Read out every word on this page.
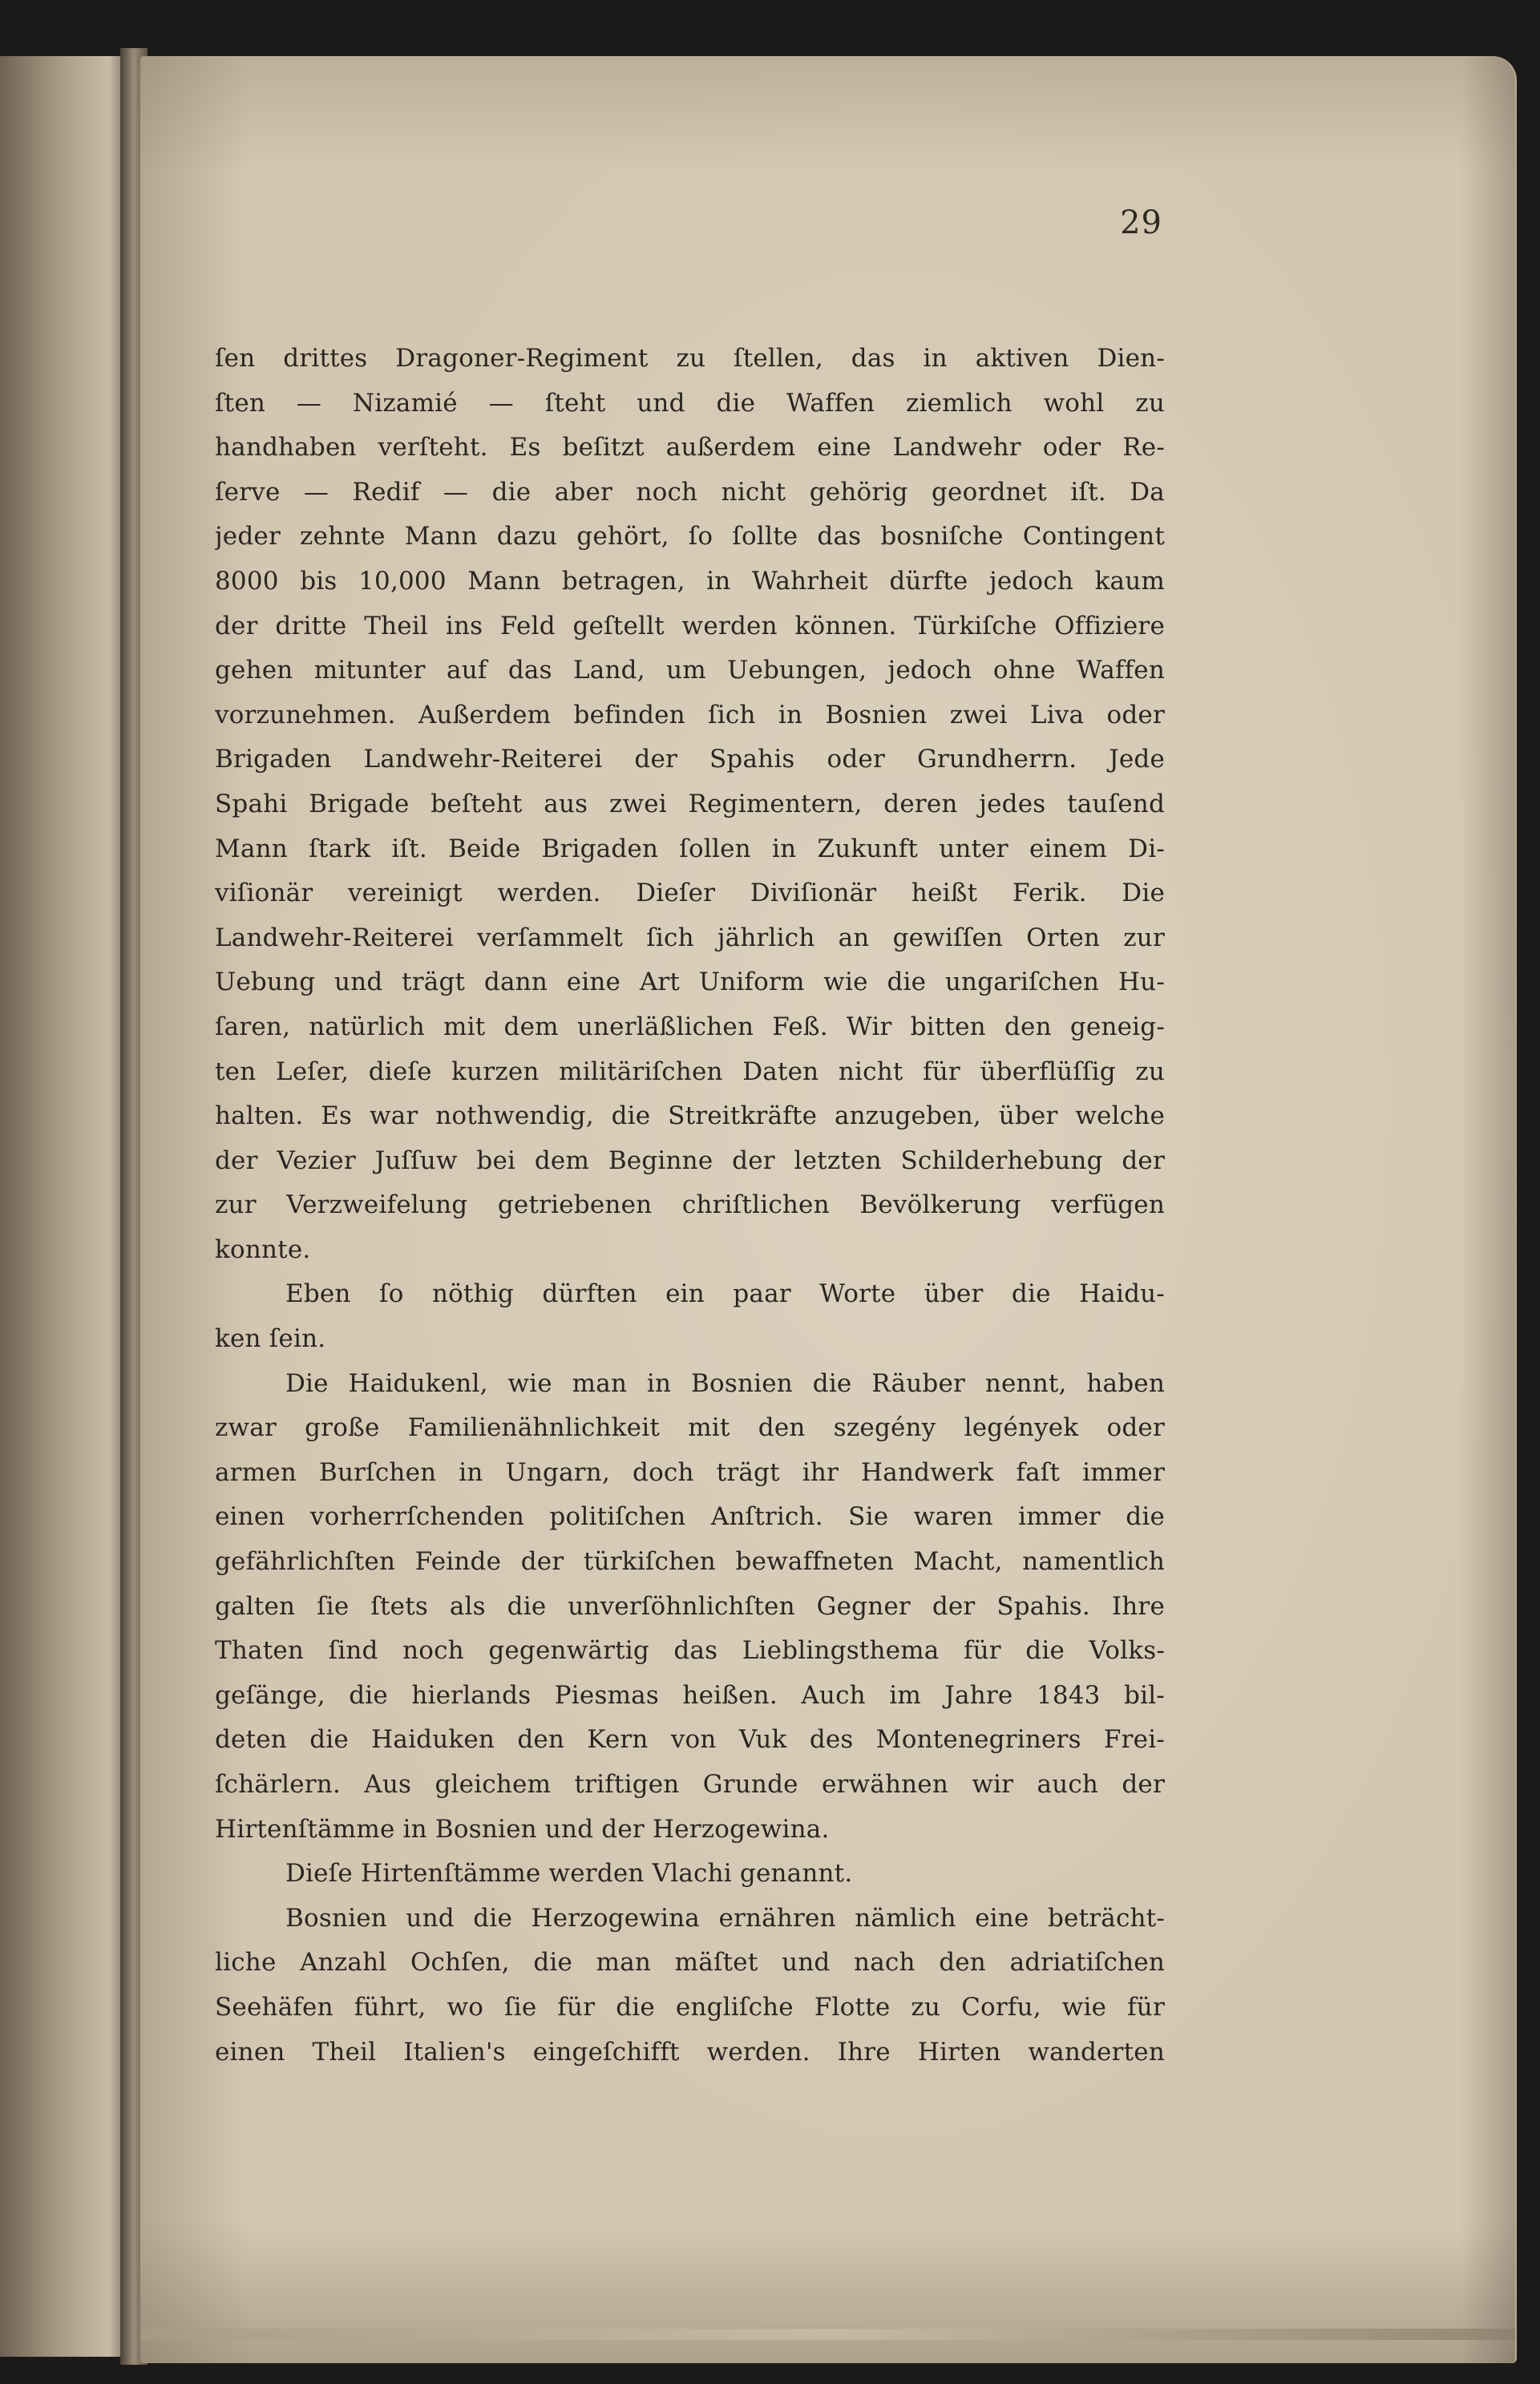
29
ſen drittes Dragoner-Regiment zu ſtellen, das in aktiven Dien-
ſten — Nizamié — ſteht und die Waffen ziemlich wohl zu
handhaben verſteht. Es beſitzt außerdem eine Landwehr oder Re-
ſerve — Redif — die aber noch nicht gehörig geordnet iſt. Da
jeder zehnte Mann dazu gehört, ſo ſollte das bosniſche Contingent
8000 bis 10,000 Mann betragen, in Wahrheit dürfte jedoch kaum
der dritte Theil ins Feld geſtellt werden können. Türkiſche Offiziere
gehen mitunter auf das Land, um Uebungen, jedoch ohne Waffen
vorzunehmen. Außerdem befinden ſich in Bosnien zwei Liva oder
Brigaden Landwehr-Reiterei der Spahis oder Grundherrn. Jede
Spahi Brigade beſteht aus zwei Regimentern, deren jedes tauſend
Mann ſtark iſt. Beide Brigaden ſollen in Zukunft unter einem Di-
viſionär vereinigt werden. Dieſer Diviſionär heißt Ferik. Die
Landwehr-Reiterei verſammelt ſich jährlich an gewiſſen Orten zur
Uebung und trägt dann eine Art Uniform wie die ungariſchen Hu-
ſaren, natürlich mit dem unerläßlichen Feß. Wir bitten den geneig-
ten Leſer, dieſe kurzen militäriſchen Daten nicht für überflüſſig zu
halten. Es war nothwendig, die Streitkräfte anzugeben, über welche
der Vezier Juſſuw bei dem Beginne der letzten Schilderhebung der
zur Verzweifelung getriebenen chriſtlichen Bevölkerung verfügen
konnte.
Eben ſo nöthig dürften ein paar Worte über die Haidu-
ken ſein.
Die Haidukenl, wie man in Bosnien die Räuber nennt, haben
zwar große Familienähnlichkeit mit den szegény legények oder
armen Burſchen in Ungarn, doch trägt ihr Handwerk faſt immer
einen vorherrſchenden politiſchen Anſtrich. Sie waren immer die
gefährlichſten Feinde der türkiſchen bewaffneten Macht, namentlich
galten ſie ſtets als die unverſöhnlichſten Gegner der Spahis. Ihre
Thaten ſind noch gegenwärtig das Lieblingsthema für die Volks-
geſänge, die hierlands Piesmas heißen. Auch im Jahre 1843 bil-
deten die Haiduken den Kern von Vuk des Montenegriners Frei-
ſchärlern. Aus gleichem triftigen Grunde erwähnen wir auch der
Hirtenſtämme in Bosnien und der Herzogewina.
Dieſe Hirtenſtämme werden Vlachi genannt.
Bosnien und die Herzogewina ernähren nämlich eine beträcht-
liche Anzahl Ochſen, die man mäſtet und nach den adriatiſchen
Seehäfen führt, wo ſie für die engliſche Flotte zu Corfu, wie für
einen Theil Italien's eingeſchifft werden. Ihre Hirten wanderten
